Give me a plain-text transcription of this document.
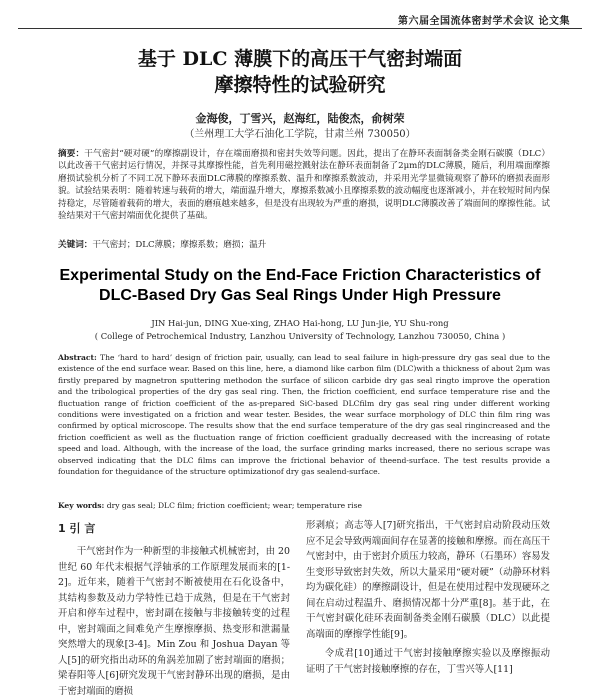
第六届全国流体密封学术会议 论文集
基于 DLC 薄膜下的高压干气密封端面
摩擦特性的试验研究
金海俊，丁雪兴，赵海红，陆俊杰，俞树荣
（兰州理工大学石油化工学院，甘肃兰州 730050）
摘要：干气密封“硬对硬”的摩擦副设计，存在端面磨损和密封失效等问题。因此，提出了在静环表面制备类金刚石碳膜（DLC）以此改善干气密封运行情况，并探寻其摩擦性能，首先利用磁控溅射法在静环表面制备了2μm的DLC薄膜，随后，利用端面摩擦磨损试验机分析了不同工况下静环表面DLC薄膜的摩擦系数、温升和摩擦系数波动，并采用光学显微镜观察了静环的磨损表面形貌。试验结果表明：随着转速与载荷的增大，端面温升增大，摩擦系数减小且摩擦系数的波动幅度也逐渐减小，并在较短时间内保持稳定，尽管随着载荷的增大，表面的磨痕越来越多，但是没有出现较为严重的磨损，说明DLC薄膜改善了端面间的摩擦性能。试验结果对干气密封端面优化提供了基础。
关键词：干气密封；DLC薄膜；摩擦系数；磨损；温升
Experimental Study on the End-Face Friction Characteristics of
DLC-Based Dry Gas Seal Rings Under High Pressure
JIN Hai-jun, DING Xue-xing, ZHAO Hai-hong, LU Jun-jie, YU Shu-rong
( College of Petrochemical Industry, Lanzhou University of Technology, Lanzhou 730050, China )
Abstract: The ‘hard to hard’ design of friction pair, usually, can lead to seal failure in high-pressure dry gas seal due to the existence of the end surface wear. Based on this line, here, a diamond like carbon film (DLC)with a thickness of about 2μm was firstly prepared by magnetron sputtering methodon the surface of silicon carbide dry gas seal ringto improve the operation and the tribological properties of the dry gas seal ring. Then, the friction coefficient, end surface temperature rise and the fluctuation range of friction coefficient of the as-prepared SiC-based DLCfilm dry gas seal ring under different working conditions were investigated on a friction and wear tester. Besides, the wear surface morphology of DLC thin film ring was confirmed by optical microscope. The results show that the end surface temperature of the dry gas seal ringincreased and the friction coefficient as well as the fluctuation range of friction coefficient gradually decreased with the increasing of rotate speed and load. Although, with the increase of the load, the surface grinding marks increased, there no serious scrape was observed indicating that the DLC films can improve the frictional behavior of theend-surface. The test results provide a foundation for theguidance of the structure optimizationof dry gas sealend-surface.
Key words: dry gas seal; DLC film; friction coefficient; wear; temperature rise
1 引 言

干气密封作为一种新型的非接触式机械密封，由 20 世纪 60 年代末根据气浮轴承的工作原理发展而来的[1-2]。近年来，随着干气密封不断被使用在石化设备中，其结构参数及动力学特性已趋于成熟，但是在干气密封开启和停车过程中，密封副在接触与非接触转变的过程中，密封端面之间难免产生摩擦摩损、热变形和泄漏量突然增大的现象[3-4]。Min Zou 和 Joshua Dayan 等人[5]的研究指出动环的角涡差加剧了密封端面的磨损；梁春阳等人[6]研究发现干气密封静环出现的磨损，是由于密封端面的磨损

形剥痕；高志等人[7]研究指出，干气密封启动阶段动压效应不足会导致两端面间存在显著的接触和摩擦。而在高压干气密封中，由于密封介质压力较高，静环（石墨环）容易发生变形导致密封失效，所以大量采用“硬对硬”（动静环材料均为碳化硅）的摩擦副设计，但是在使用过程中发现硬环之间在启动过程温升、磨损情况都十分严重[8]。基于此，在干气密封碳化硅环表面制备类金刚石碳膜（DLC）以此提高端面的摩擦学性能[9]。

令成君[10]通过干气密封接触摩擦实验以及摩擦振动证明了干气密封接触摩擦的存在，丁雪兴等人[11]
